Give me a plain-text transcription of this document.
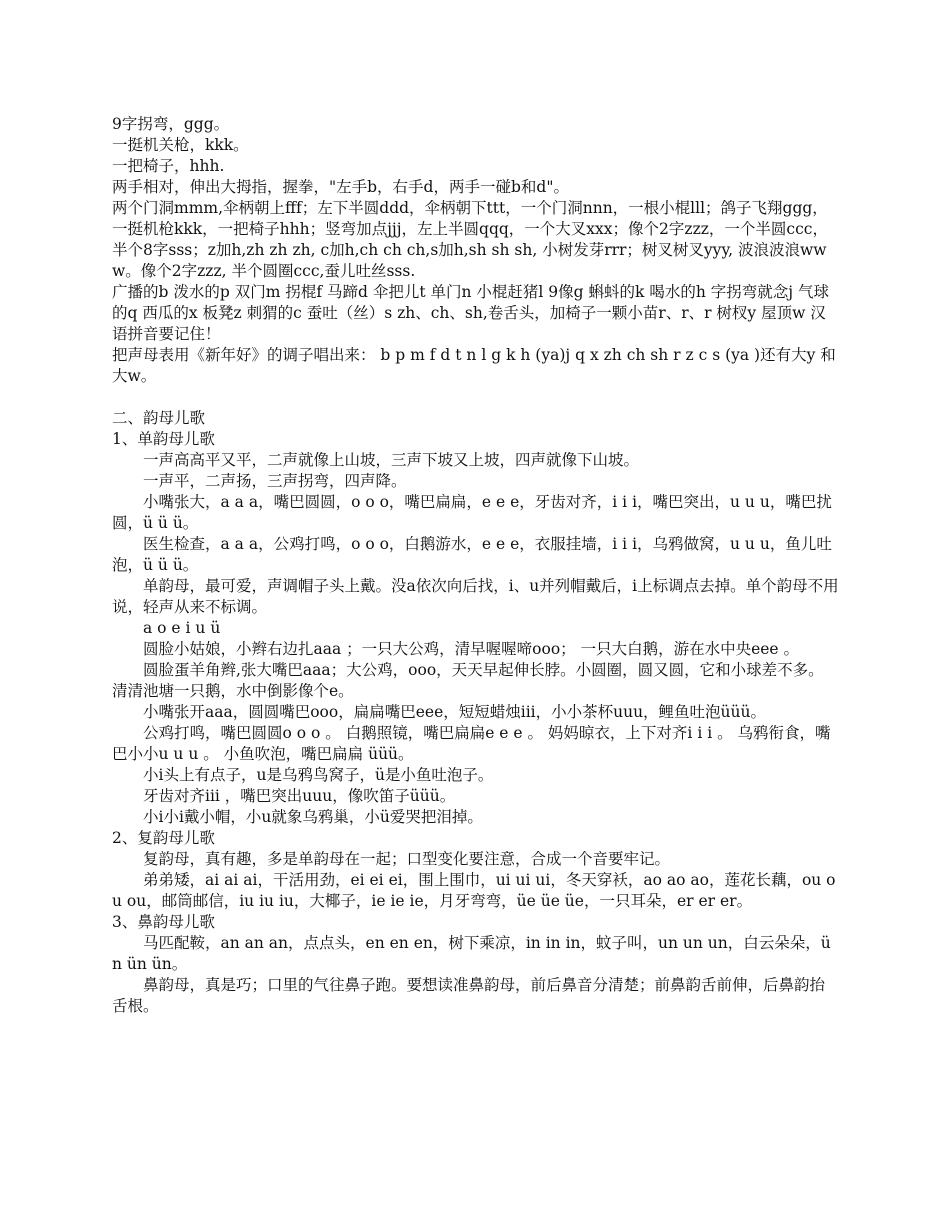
9字拐弯，ggg。

一挺机关枪，kkk。

一把椅子，hhh.

两手相对，伸出大拇指，握拳，"左手b，右手d，两手一碰b和d"。

两个门洞mmm,伞柄朝上fff；左下半圆ddd，伞柄朝下ttt，一个门洞nnn，一根小棍lll；鸽子飞翔ggg，一挺机枪kkk，一把椅子hhh；竖弯加点jjj，左上半圆qqq，一个大叉xxx；像个2字zzz，一个半圆ccc，半个8字sss；z加h,zh zh zh, c加h,ch ch ch,s加h,sh sh sh, 小树发芽rrr；树叉树叉yyy, 波浪波浪www。像个2字zzz, 半个圆圈ccc,蚕儿吐丝sss.

广播的b 泼水的p 双门m 拐棍f 马蹄d 伞把儿t 单门n 小棍赶猪l 9像g 蝌蚪的k 喝水的h 字拐弯就念j 气球的q 西瓜的x 板凳z 刺猬的c 蚕吐（丝）s zh、ch、sh,卷舌头，加椅子一颗小苗r、r、r 树杈y 屋顶w 汉语拼音要记住！

把声母表用《新年好》的调子唱出来： b p m f d t n l g k h (ya)j q x zh ch sh r z c s (ya )还有大y 和大w。

二、韵母儿歌

1、单韵母儿歌

一声高高平又平，二声就像上山坡，三声下坡又上坡，四声就像下山坡。

一声平，二声扬，三声拐弯，四声降。

小嘴张大，a a a，嘴巴圆圆，o o o，嘴巴扁扁，e e e，牙齿对齐，i i i，嘴巴突出，u u u，嘴巴扰圆，ü ü ü。

医生检查，a a a，公鸡打鸣，o o o，白鹅游水，e e e，衣服挂墙，i i i，乌鸦做窝，u u u，鱼儿吐泡，ü ü ü。

单韵母，最可爱，声调帽子头上戴。没a依次向后找，i、u并列帽戴后，i上标调点去掉。单个韵母不用说，轻声从来不标调。

a o e i u ü

圆脸小姑娘，小辫右边扎aaa ；一只大公鸡，清早喔喔啼ooo； 一只大白鹅，游在水中央eee 。

圆脸蛋羊角辫,张大嘴巴aaa；大公鸡，ooo，天天早起伸长脖。小圆圈，圆又圆，它和小球差不多。 清清池塘一只鹅，水中倒影像个e。

小嘴张开aaa，圆圆嘴巴ooo，扁扁嘴巴eee，短短蜡烛iii，小小茶杯uuu，鲤鱼吐泡üüü。

公鸡打鸣，嘴巴圆圆o o o 。 白鹅照镜，嘴巴扁扁e e e 。 妈妈晾衣，上下对齐i i i 。 乌鸦衔食，嘴巴小小u u u 。 小鱼吹泡，嘴巴扁扁 üüü。

小i头上有点子，u是乌鸦鸟窝子，ü是小鱼吐泡子。

牙齿对齐iii ，嘴巴突出uuu，像吹笛子üüü。

小i小i戴小帽，小u就象乌鸦巢，小ü爱哭把泪掉。

2、复韵母儿歌

复韵母，真有趣，多是单韵母在一起；口型变化要注意，合成一个音要牢记。

弟弟矮，ai ai ai，干活用劲，ei ei ei，围上围巾，ui ui ui，冬天穿袄，ao ao ao，莲花长藕，ou ou ou，邮筒邮信，iu iu iu，大椰子，ie ie ie，月牙弯弯，üe üe üe，一只耳朵，er er er。

3、鼻韵母儿歌

马匹配鞍，an an an，点点头，en en en，树下乘凉，in in in，蚊子叫，un un un，白云朵朵，ün ün ün。

鼻韵母，真是巧；口里的气往鼻子跑。要想读准鼻韵母，前后鼻音分清楚；前鼻韵舌前伸，后鼻韵抬舌根。
